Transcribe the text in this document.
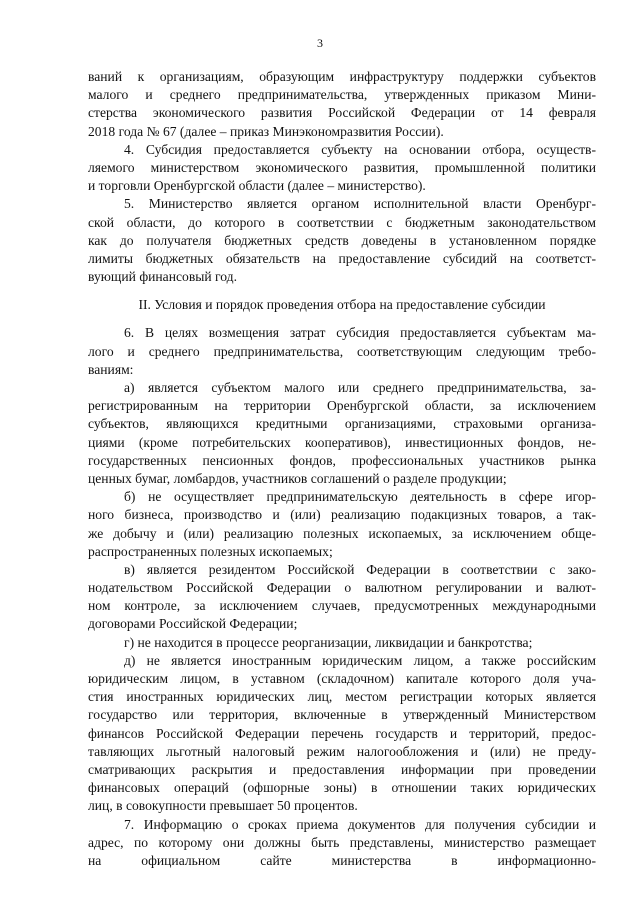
3
ваний к организациям, образующим инфраструктуру поддержки субъектов
малого и среднего предпринимательства, утвержденных приказом Мини-
стерства экономического развития Российской Федерации от 14 февраля
2018 года № 67 (далее – приказ Минэкономразвития России).
4. Субсидия предоставляется субъекту на основании отбора, осуществ-
ляемого министерством экономического развития, промышленной политики
и торговли Оренбургской области (далее – министерство).
5. Министерство является органом исполнительной власти Оренбург-
ской области, до которого в соответствии с бюджетным законодательством
как до получателя бюджетных средств доведены в установленном порядке
лимиты бюджетных обязательств на предоставление субсидий на соответст-
вующий финансовый год.
II. Условия и порядок проведения отбора на предоставление субсидии
6. В целях возмещения затрат субсидия предоставляется субъектам ма-
лого и среднего предпринимательства, соответствующим следующим требо-
ваниям:
а) является субъектом малого или среднего предпринимательства, за-
регистрированным на территории Оренбургской области, за исключением
субъектов, являющихся кредитными организациями, страховыми организа-
циями (кроме потребительских кооперативов), инвестиционных фондов, не-
государственных пенсионных фондов, профессиональных участников рынка
ценных бумаг, ломбардов, участников соглашений о разделе продукции;
б) не осуществляет предпринимательскую деятельность в сфере игор-
ного бизнеса, производство и (или) реализацию подакцизных товаров, а так-
же добычу и (или) реализацию полезных ископаемых, за исключением обще-
распространенных полезных ископаемых;
в) является резидентом Российской Федерации в соответствии с зако-
нодательством Российской Федерации о валютном регулировании и валют-
ном контроле, за исключением случаев, предусмотренных международными
договорами Российской Федерации;
г) не находится в процессе реорганизации, ликвидации и банкротства;
д) не является иностранным юридическим лицом, а также российским
юридическим лицом, в уставном (складочном) капитале которого доля уча-
стия иностранных юридических лиц, местом регистрации которых является
государство или территория, включенные в утвержденный Министерством
финансов Российской Федерации перечень государств и территорий, предос-
тавляющих льготный налоговый режим налогообложения и (или) не преду-
сматривающих раскрытия и предоставления информации при проведении
финансовых операций (офшорные зоны) в отношении таких юридических
лиц, в совокупности превышает 50 процентов.
7. Информацию о сроках приема документов для получения субсидии и
адрес, по которому они должны быть представлены, министерство размещает
на официальном сайте министерства в информационно-
